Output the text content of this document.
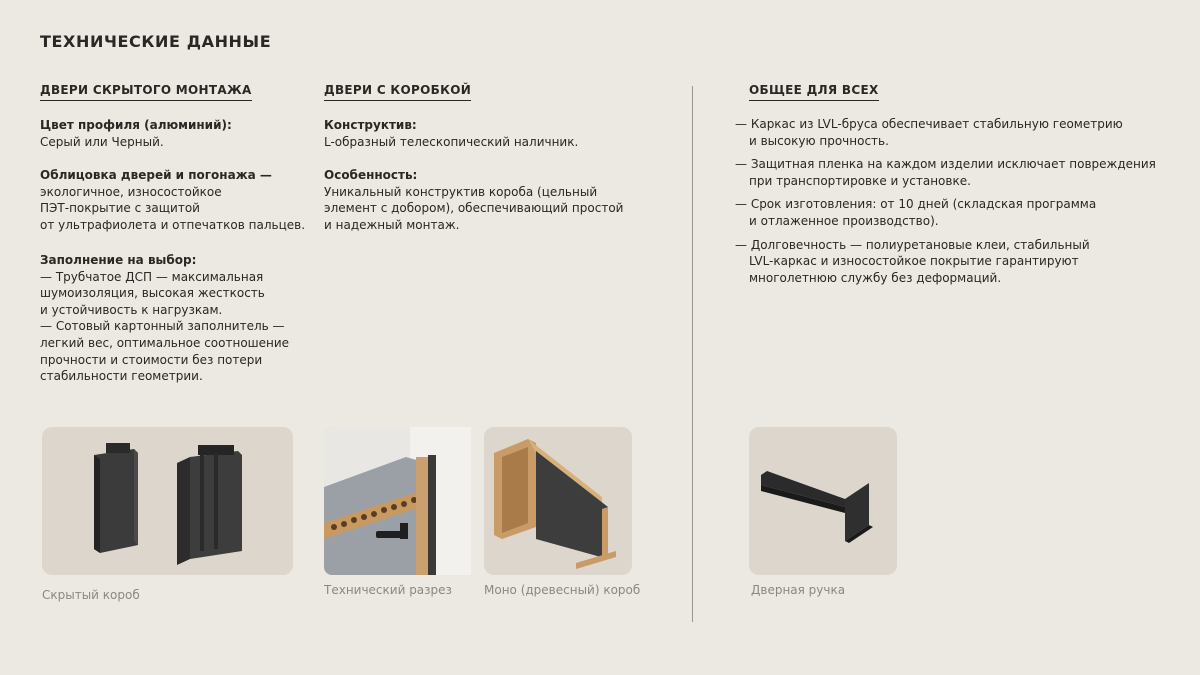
ТЕХНИЧЕСКИЕ ДАННЫЕ
ДВЕРИ СКРЫТОГО МОНТАЖА
Цвет профиля (алюминий):
Серый или Черный.
Облицовка дверей и погонажа —
экологичное, износостойкое
ПЭТ-покрытие с защитой
от ультрафиолета и отпечатков пальцев.
Заполнение на выбор:
— Трубчатое ДСП — максимальная
шумоизоляция, высокая жесткость
и устойчивость к нагрузкам.
— Сотовый картонный заполнитель —
легкий вес, оптимальное соотношение
прочности и стоимости без потери
стабильности геометрии.
ДВЕРИ С КОРОБКОЙ
Конструктив:
L-образный телескопический наличник.
Особенность:
Уникальный конструктив короба (цельный
элемент с добором), обеспечивающий простой
и надежный монтаж.
ОБЩЕЕ ДЛЯ ВСЕХ
— Каркас из LVL-бруса обеспечивает стабильную геометрию
и высокую прочность.
— Защитная пленка на каждом изделии исключает повреждения
при транспортировке и установке.
— Срок изготовления: от 10 дней (складская программа
и отлаженное производство).
— Долговечность — полиуретановые клеи, стабильный
LVL-каркас и износостойкое покрытие гарантируют
многолетнюю службу без деформаций.
Скрытый короб	Технический разрез	Моно (древесный) короб	Дверная ручка
